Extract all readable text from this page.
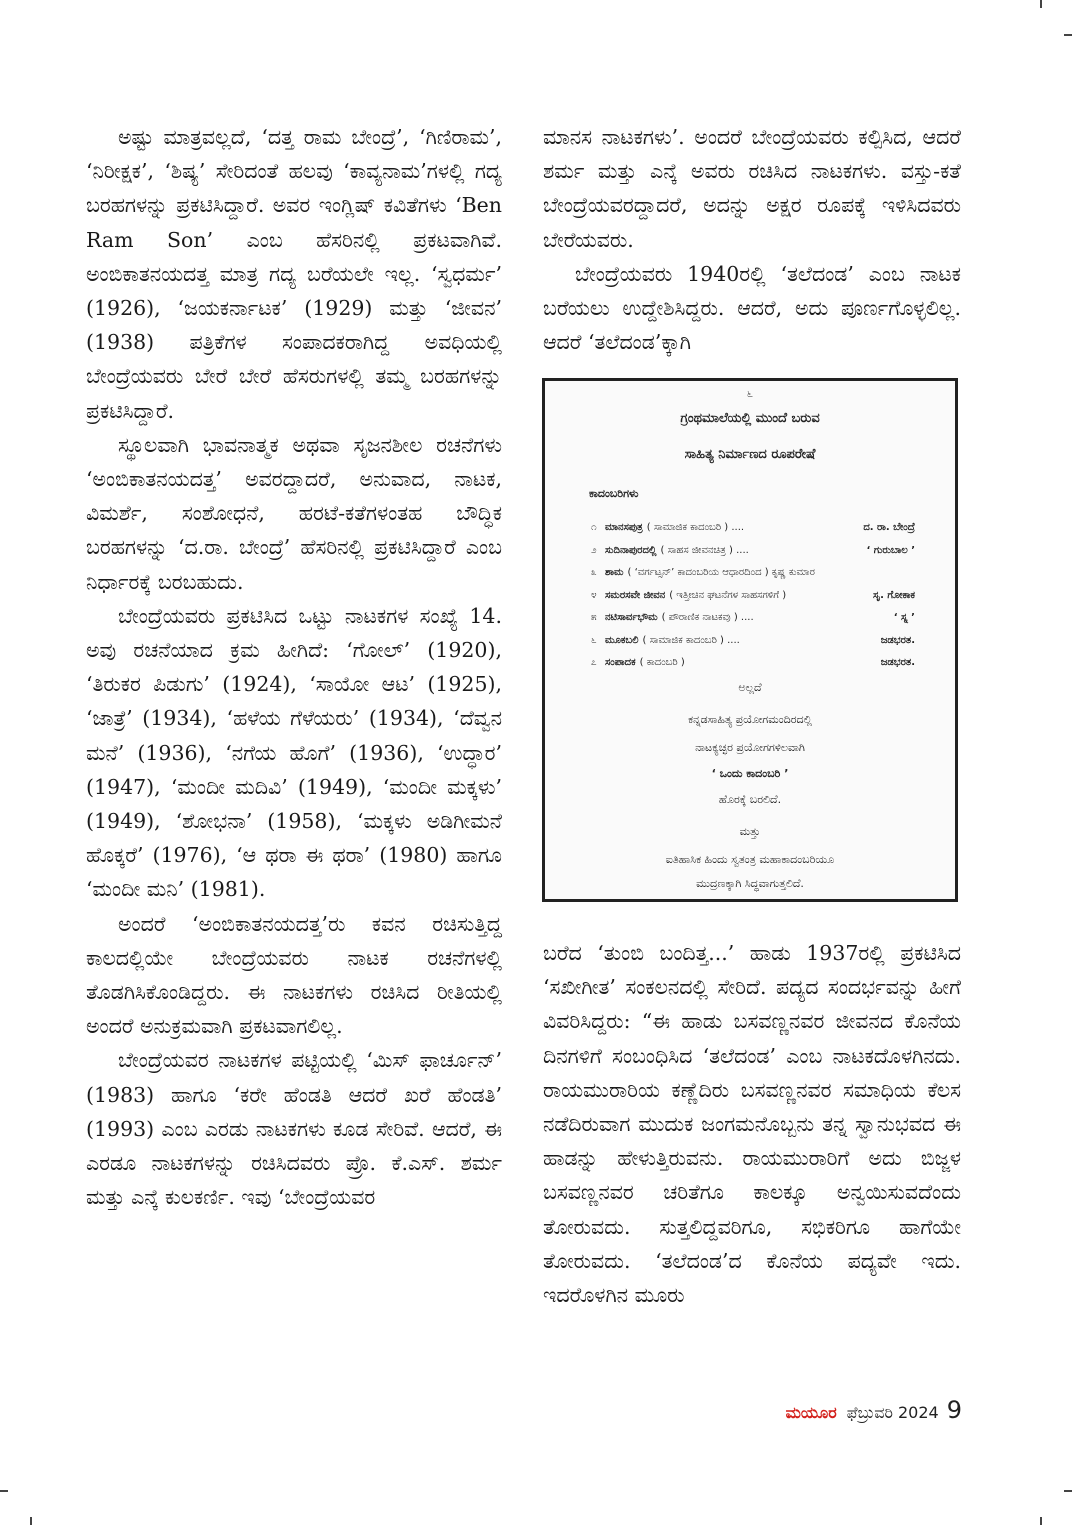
ಅಷ್ಟು ಮಾತ್ರವಲ್ಲದೆ, ‘ದತ್ತ ರಾಮ ಬೇಂದ್ರೆ’, ‘ಗಿಣಿರಾಮ’, ‘ನಿರೀಕ್ಷಕ’, ‘ಶಿಷ್ಯ’ ಸೇರಿದಂತೆ ಹಲವು ‘ಕಾವ್ಯನಾಮ’ಗಳಲ್ಲಿ ಗದ್ಯ ಬರಹಗಳನ್ನು ಪ್ರಕಟಿಸಿದ್ದಾರೆ. ಅವರ ಇಂಗ್ಲಿಷ್ ಕವಿತೆಗಳು ‘Ben Ram Son’ ಎಂಬ ಹೆಸರಿನಲ್ಲಿ ಪ್ರಕಟವಾಗಿವೆ. ಅಂಬಿಕಾತನಯದತ್ತ ಮಾತ್ರ ಗದ್ಯ ಬರೆಯಲೇ ಇಲ್ಲ. ‘ಸ್ವಧರ್ಮ’ (1926), ‘ಜಯಕರ್ನಾಟಕ’ (1929) ಮತ್ತು ‘ಜೀವನ’ (1938) ಪತ್ರಿಕೆಗಳ ಸಂಪಾದಕರಾಗಿದ್ದ ಅವಧಿಯಲ್ಲಿ ಬೇಂದ್ರೆಯವರು ಬೇರೆ ಬೇರೆ ಹೆಸರುಗಳಲ್ಲಿ ತಮ್ಮ ಬರಹಗಳನ್ನು ಪ್ರಕಟಿಸಿದ್ದಾರೆ.

ಸ್ಥೂಲವಾಗಿ ಭಾವನಾತ್ಮಕ ಅಥವಾ ಸೃಜನಶೀಲ ರಚನೆಗಳು ‘ಅಂಬಿಕಾತನಯದತ್ತ’ ಅವರದ್ದಾದರೆ, ಅನುವಾದ, ನಾಟಕ, ವಿಮರ್ಶೆ, ಸಂಶೋಧನೆ, ಹರಟೆ-ಕತೆಗಳಂತಹ ಬೌದ್ಧಿಕ ಬರಹಗಳನ್ನು ‘ದ.ರಾ. ಬೇಂದ್ರೆ’ ಹೆಸರಿನಲ್ಲಿ ಪ್ರಕಟಿಸಿದ್ದಾರೆ ಎಂಬ ನಿರ್ಧಾರಕ್ಕೆ ಬರಬಹುದು.

ಬೇಂದ್ರೆಯವರು ಪ್ರಕಟಿಸಿದ ಒಟ್ಟು ನಾಟಕಗಳ ಸಂಖ್ಯೆ 14. ಅವು ರಚನೆಯಾದ ಕ್ರಮ ಹೀಗಿದೆ: ‘ಗೋಲ್’ (1920), ‘ತಿರುಕರ ಪಿಡುಗು’ (1924), ‘ಸಾಯೋ ಆಟ’ (1925), ‘ಜಾತ್ರೆ’ (1934), ‘ಹಳೆಯ ಗೆಳೆಯರು’ (1934), ‘ದೆವ್ವನ ಮನೆ’ (1936), ‘ನಗೆಯ ಹೊಗೆ’ (1936), ‘ಉದ್ಧಾರ’ (1947), ‘ಮಂದೀ ಮದಿವಿ’ (1949), ‘ಮಂದೀ ಮಕ್ಕಳು’ (1949), ‘ಶೋಭನಾ’ (1958), ‘ಮಕ್ಕಳು ಅಡಿಗೀಮನೆ ಹೊಕ್ಕರೆ’ (1976), ‘ಆ ಥರಾ ಈ ಥರಾ’ (1980) ಹಾಗೂ ‘ಮಂದೀ ಮನಿ’ (1981).

ಅಂದರೆ ‘ಅಂಬಿಕಾತನಯದತ್ತ’ರು ಕವನ ರಚಿಸುತ್ತಿದ್ದ ಕಾಲದಲ್ಲಿಯೇ ಬೇಂದ್ರೆಯವರು ನಾಟಕ ರಚನೆಗಳಲ್ಲಿ ತೊಡಗಿಸಿಕೊಂಡಿದ್ದರು. ಈ ನಾಟಕಗಳು ರಚಿಸಿದ ರೀತಿಯಲ್ಲಿ ಅಂದರೆ ಅನುಕ್ರಮವಾಗಿ ಪ್ರಕಟವಾಗಲಿಲ್ಲ.

ಬೇಂದ್ರೆಯವರ ನಾಟಕಗಳ ಪಟ್ಟಿಯಲ್ಲಿ ‘ಮಿಸ್ ಫಾರ್ಚೂನ್’ (1983) ಹಾಗೂ ‘ಕರೇ ಹೆಂಡತಿ ಆದರೆ ಖರೆ ಹೆಂಡತಿ’ (1993) ಎಂಬ ಎರಡು ನಾಟಕಗಳು ಕೂಡ ಸೇರಿವೆ. ಆದರೆ, ಈ ಎರಡೂ ನಾಟಕಗಳನ್ನು ರಚಿಸಿದವರು ಪ್ರೊ. ಕೆ.ಎಸ್. ಶರ್ಮ ಮತ್ತು ಎನ್ಕೆ ಕುಲಕರ್ಣಿ. ಇವು ‘ಬೇಂದ್ರೆಯವರ

ಮಾನಸ ನಾಟಕಗಳು’. ಅಂದರೆ ಬೇಂದ್ರೆಯವರು ಕಲ್ಪಿಸಿದ, ಆದರೆ ಶರ್ಮ ಮತ್ತು ಎನ್ಕೆ ಅವರು ರಚಿಸಿದ ನಾಟಕಗಳು. ವಸ್ತು-ಕತೆ ಬೇಂದ್ರೆಯವರದ್ದಾದರೆ, ಅದನ್ನು ಅಕ್ಷರ ರೂಪಕ್ಕೆ ಇಳಿಸಿದವರು ಬೇರೆಯವರು.

ಬೇಂದ್ರೆಯವರು 1940ರಲ್ಲಿ ‘ತಲೆದಂಡ’ ಎಂಬ ನಾಟಕ ಬರೆಯಲು ಉದ್ದೇಶಿಸಿದ್ದರು. ಆದರೆ, ಅದು ಪೂರ್ಣಗೊಳ್ಳಲಿಲ್ಲ. ಆದರೆ ‘ತಲೆದಂಡ’ಕ್ಕಾಗಿ

೬
ಗ್ರಂಥಮಾಲೆಯಲ್ಲಿ ಮುಂದೆ ಬರುವ
ಸಾಹಿತ್ಯ ನಿರ್ಮಾಣದ ರೂಪರೇಷೆ
ಕಾದಂಬರಿಗಳು
೧ ಮಾನಸಪುತ್ರ ( ಸಾಮಾಜಿಕ ಕಾದಂಬರಿ ) ....	ದ. ರಾ. ಬೇಂದ್ರೆ
೨ ಸುದಿನಾಪುರದಲ್ಲಿ ( ಸಾಹಸ ಜೀವನಚಿತ್ರ ) ....	‘ ಗುರುಬಾಲ ’
೩ ಶಾಮ ( ‘ವರ್ಗಟ್ಸನ್’ ಕಾದಂಬರಿಯ ಆಧಾರದಿಂದ ) ಕೃಷ್ಣ ಕುಮಾರ
೪ ಸಮರಸವೇ ಜೀವನ ( ಇತ್ತೀಚಿನ ಘಟನೆಗಳ ಸಾಹಸಗಳಿಗೆ )	ಸೃ. ಗೋಕಾಕ
೫ ನಟಿಸಾರ್ವಭೌಮ ( ಪೌರಾಣಿಕ ನಾಟಕವು ) ....	‘ ಸ್ನ ’
೬ ಮೂಕಬಲಿ ( ಸಾಮಾಜಿಕ ಕಾದಂಬರಿ ) ....	ಜಡಭರತ.
೭ ಸಂಪಾದಕ ( ಕಾದಂಬರಿ )	ಜಡಭರತ.
ಅಲ್ಲದೆ
ಕನ್ನಡಸಾಹಿತ್ಯ ಪ್ರಯೋಗಮಂದಿರದಲ್ಲಿ
ನಾಟಕ್ಯಚ್ಛರ ಪ್ರಯೋಗಗಳಿಲವಾಗಿ
‘ ಒಂದು ಕಾದಂಬರಿ ’
ಹೊರಕ್ಕೆ ಬರಲಿದೆ.
ಮತ್ತು
ಐತಿಹಾಸಿಕ ಹಿಂದು ಸ್ವತಂತ್ರ ಮಹಾಕಾದಂಬರಿಯೂ
ಮುದ್ರಣಕ್ಕಾಗಿ ಸಿದ್ಧವಾಗುತ್ತಲಿದೆ.

ಬರೆದ ‘ತುಂಬಿ ಬಂದಿತ್ತ...’ ಹಾಡು 1937ರಲ್ಲಿ ಪ್ರಕಟಿಸಿದ ‘ಸಖೀಗೀತ’ ಸಂಕಲನದಲ್ಲಿ ಸೇರಿದೆ. ಪದ್ಯದ ಸಂದರ್ಭವನ್ನು ಹೀಗೆ ವಿವರಿಸಿದ್ದರು: “ಈ ಹಾಡು ಬಸವಣ್ಣನವರ ಜೀವನದ ಕೊನೆಯ ದಿನಗಳಿಗೆ ಸಂಬಂಧಿಸಿದ ‘ತಲೆದಂಡ’ ಎಂಬ ನಾಟಕದೊಳಗಿನದು. ರಾಯಮುರಾರಿಯ ಕಣ್ಣೆದಿರು ಬಸವಣ್ಣನವರ ಸಮಾಧಿಯ ಕೆಲಸ ನಡೆದಿರುವಾಗ ಮುದುಕ ಜಂಗಮನೊಬ್ಬನು ತನ್ನ ಸ್ವಾನುಭವದ ಈ ಹಾಡನ್ನು ಹೇಳುತ್ತಿರುವನು. ರಾಯಮುರಾರಿಗೆ ಅದು ಬಿಜ್ಜಳ ಬಸವಣ್ಣನವರ ಚರಿತೆಗೂ ಕಾಲಕ್ಕೂ ಅನ್ವಯಿಸುವದೆಂದು ತೋರುವದು. ಸುತ್ತಲಿದ್ದವರಿಗೂ, ಸಭಿಕರಿಗೂ ಹಾಗೆಯೇ ತೋರುವದು. ‘ತಲೆದಂಡ’ದ ಕೊನೆಯ ಪದ್ಯವೇ ಇದು. ಇದರೊಳಗಿನ ಮೂರು

ಮಯೂರ ಫೆಬ್ರುವರಿ 2024 9
